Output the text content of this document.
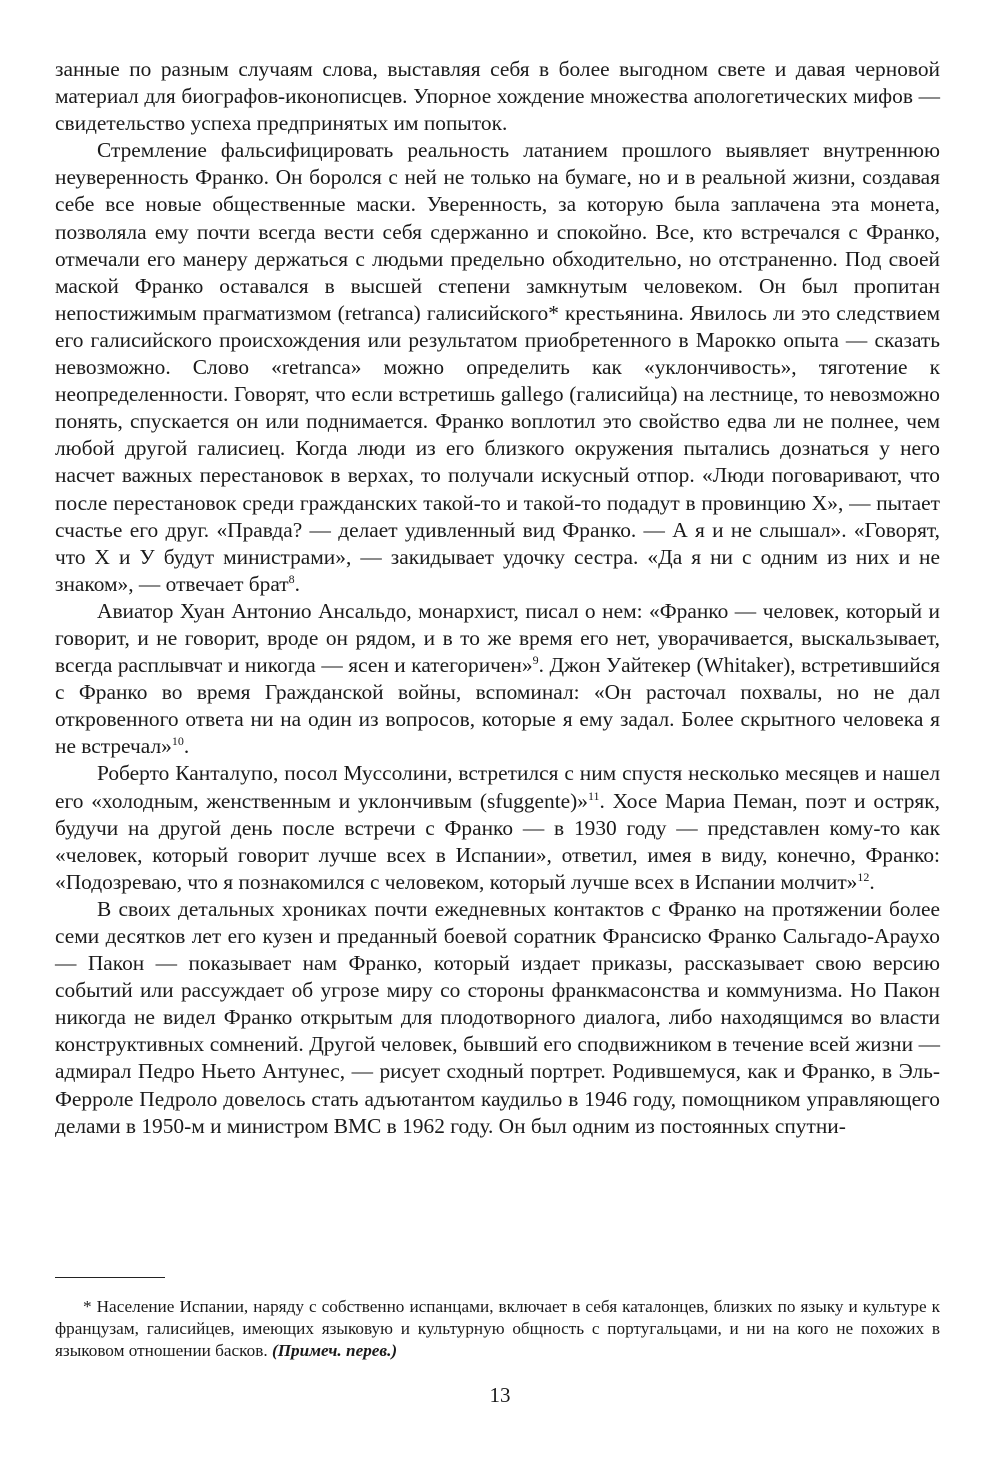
занные по разным случаям слова, выставляя себя в более выгодном свете и давая черновой материал для биографов-иконописцев. Упорное хождение множества апологетических мифов — свидетельство успеха предпринятых им попыток.

Стремление фальсифицировать реальность латанием прошлого выявляет внутреннюю неуверенность Франко. Он боролся с ней не только на бумаге, но и в реальной жизни, создавая себе все новые общественные маски. Уверенность, за которую была заплачена эта монета, позволяла ему почти всегда вести себя сдержанно и спокойно. Все, кто встречался с Франко, отмечали его манеру держаться с людьми предельно обходительно, но отстраненно. Под своей маской Франко оставался в высшей степени замкнутым человеком. Он был пропитан непостижимым прагматизмом (retranca) галисийского* крестьянина. Явилось ли это следствием его галисийского происхождения или результатом приобретенного в Марокко опыта — сказать невозможно. Слово «retranca» можно определить как «уклончивость», тяготение к неопределенности. Говорят, что если встретишь gallego (галисийца) на лестнице, то невозможно понять, спускается он или поднимается. Франко воплотил это свойство едва ли не полнее, чем любой другой галисиец. Когда люди из его близкого окружения пытались дознаться у него насчет важных перестановок в верхах, то получали искусный отпор. «Люди поговаривают, что после перестановок среди гражданских такой-то и такой-то подадут в провинцию Х», — пытает счастье его друг. «Правда? — делает удивленный вид Франко. — А я и не слышал». «Говорят, что Х и У будут министрами», — закидывает удочку сестра. «Да я ни с одним из них и не знаком», — отвечает брат$^8$.

Авиатор Хуан Антонио Ансальдо, монархист, писал о нем: «Франко — человек, который и говорит, и не говорит, вроде он рядом, и в то же время его нет, уворачивается, выскальзывает, всегда расплывчат и никогда — ясен и категоричен»$^9$. Джон Уайтекер (Whitaker), встретившийся с Франко во время Гражданской войны, вспоминал: «Он расточал похвалы, но не дал откровенного ответа ни на один из вопросов, которые я ему задал. Более скрытного человека я не встречал»$^{10}$.

Роберто Канталупо, посол Муссолини, встретился с ним спустя несколько месяцев и нашел его «холодным, женственным и уклончивым (sfuggente)»$^{11}$. Хосе Мариа Пеман, поэт и остряк, будучи на другой день после встречи с Франко — в 1930 году — представлен кому-то как «человек, который говорит лучше всех в Испании», ответил, имея в виду, конечно, Франко: «Подозреваю, что я познакомился с человеком, который лучше всех в Испании молчит»$^{12}$.

В своих детальных хрониках почти ежедневных контактов с Франко на протяжении более семи десятков лет его кузен и преданный боевой соратник Франсиско Франко Сальгадо-Араухо — Пакон — показывает нам Франко, который издает приказы, рассказывает свою версию событий или рассуждает об угрозе миру со стороны франкмасонства и коммунизма. Но Пакон никогда не видел Франко открытым для плодотворного диалога, либо находящимся во власти конструктивных сомнений. Другой человек, бывший его сподвижником в течение всей жизни — адмирал Педро Ньето Антунес, — рисует сходный портрет. Родившемуся, как и Франко, в Эль-Ферроле Педроло довелось стать адъютантом каудильо в 1946 году, помощником управляющего делами в 1950-м и министром ВМС в 1962 году. Он был одним из постоянных спутни-

* Население Испании, наряду с собственно испанцами, включает в себя каталонцев, близких по языку и культуре к французам, галисийцев, имеющих языковую и культурную общность с португальцами, и ни на кого не похожих в языковом отношении басков. (Примеч. перев.)

13
